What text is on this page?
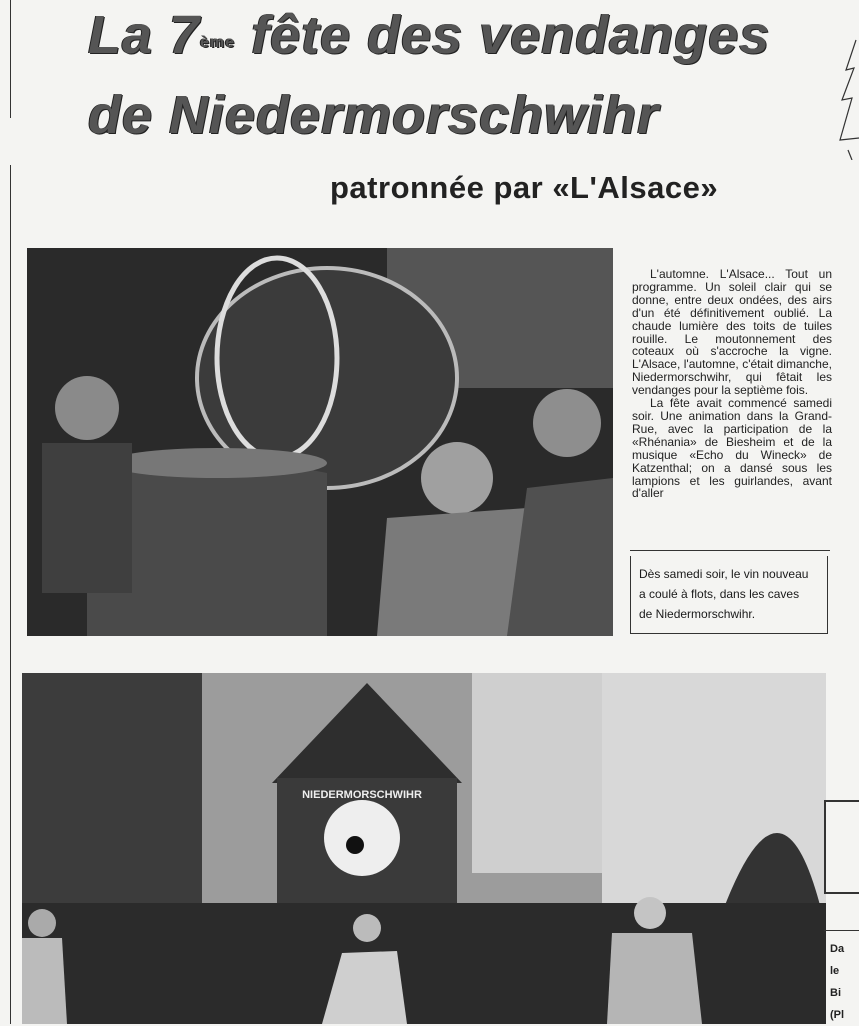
La 7ème fête des vendanges
de Niedermorschwihr
patronnée par «L'Alsace»

L'automne. L'Alsace... Tout un programme. Un soleil clair qui se donne, entre deux ondées, des airs d'un été définitivement oublié. La chaude lumière des toits de tuiles rouille. Le moutonnement des coteaux où s'accroche la vigne. L'Alsace, l'automne, c'était dimanche, Niedermorschwihr, qui fêtait les vendanges pour la septième fois.

La fête avait commencé samedi soir. Une animation dans la Grand-Rue, avec la participation de la «Rhénania» de Biesheim et de la musique «Echo du Wineck» de Katzenthal; on a dansé sous les lampions et les guirlandes, avant d'aller

Dès samedi soir, le vin nouveau
a coulé à flots, dans les caves
de Niedermorschwihr.
NIEDERMORSCHWIHR
Da
le
Bi
(Pl
